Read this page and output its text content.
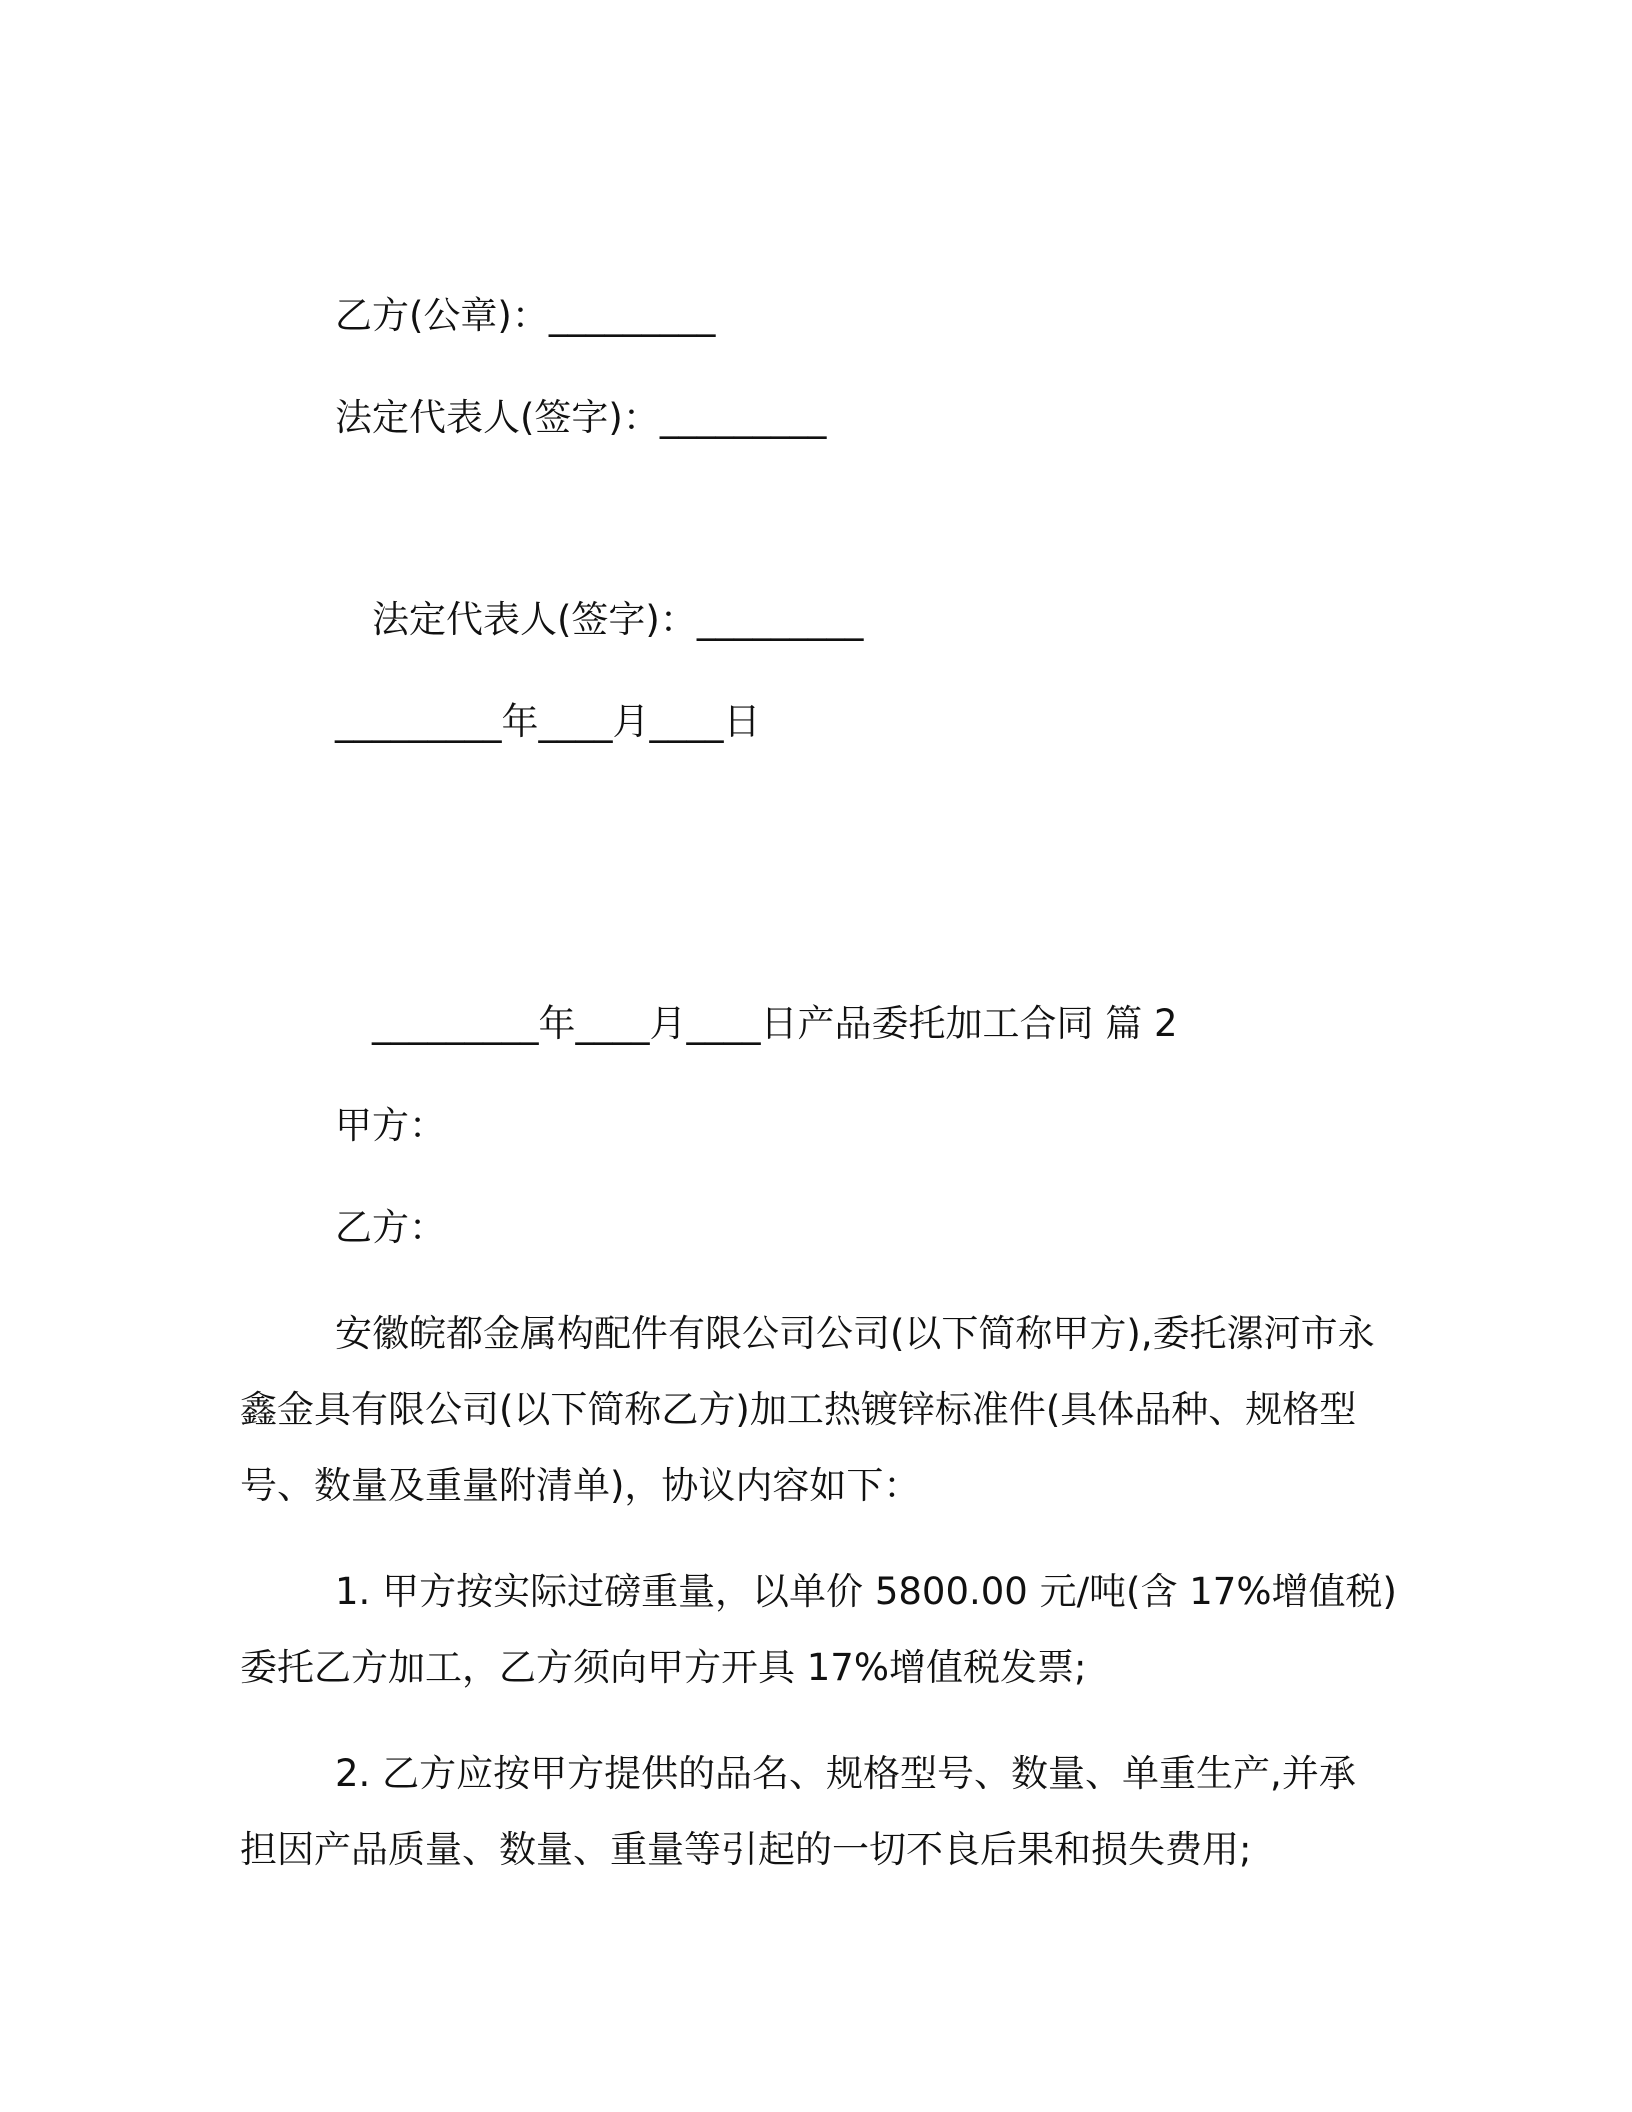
乙方(公章)：_________
法定代表人(签字)：_________
法定代表人(签字)：_________
_________年____月____日
_________年____月____日产品委托加工合同 篇 2
甲方：
乙方：
安徽皖都金属构配件有限公司公司(以下简称甲方),委托漯河市永
鑫金具有限公司(以下简称乙方)加工热镀锌标准件(具体品种、规格型
号、数量及重量附清单)，协议内容如下：
1. 甲方按实际过磅重量，以单价 5800.00 元/吨(含 17%增值税)
委托乙方加工，乙方须向甲方开具 17%增值税发票;
2. 乙方应按甲方提供的品名、规格型号、数量、单重生产,并承
担因产品质量、数量、重量等引起的一切不良后果和损失费用;
